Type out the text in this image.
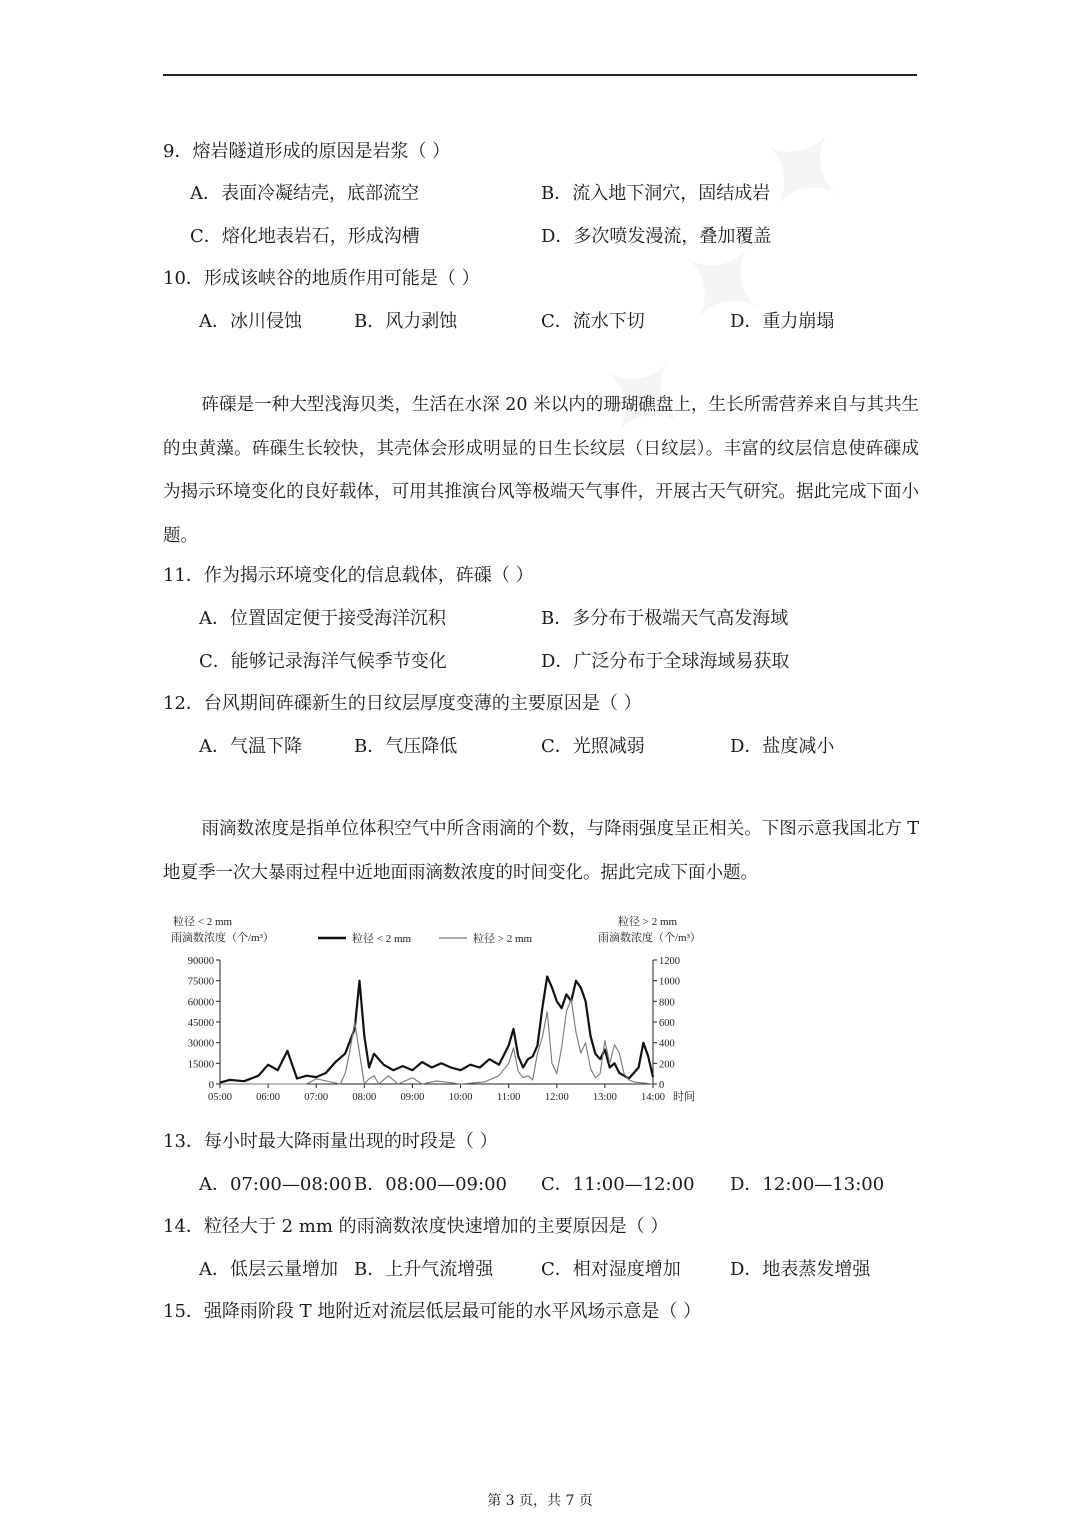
9．熔岩隧道形成的原因是岩浆（ ）
A．表面冷凝结壳，底部流空	B．流入地下洞穴，固结成岩
C．熔化地表岩石，形成沟槽	D．多次喷发漫流，叠加覆盖
10．形成该峡谷的地质作用可能是（ ）
A．冰川侵蚀	B．风力剥蚀	C．流水下切	D．重力崩塌
砗磲是一种大型浅海贝类，生活在水深 20 米以内的珊瑚礁盘上，生长所需营养来自与其共生的虫黄藻。砗磲生长较快，其壳体会形成明显的日生长纹层（日纹层）。丰富的纹层信息使砗磲成为揭示环境变化的良好载体，可用其推演台风等极端天气事件，开展古天气研究。据此完成下面小题。
11．作为揭示环境变化的信息载体，砗磲（ ）
A．位置固定便于接受海洋沉积	B．多分布于极端天气高发海域
C．能够记录海洋气候季节变化	D．广泛分布于全球海域易获取
12．台风期间砗磲新生的日纹层厚度变薄的主要原因是（ ）
A．气温下降	B．气压降低	C．光照减弱	D．盐度减小
雨滴数浓度是指单位体积空气中所含雨滴的个数，与降雨强度呈正相关。下图示意我国北方 T 地夏季一次大暴雨过程中近地面雨滴数浓度的时间变化。据此完成下面小题。
粒径 < 2 mm
雨滴数浓度（个/m³）
粒径 > 2 mm
雨滴数浓度（个/m³）
粒径 < 2 mm	粒径 > 2 mm
0
15000
30000
45000
60000
75000
90000
0
200
400
600
800
1000
1200
05:00 06:00 07:00 08:00 09:00 10:00 11:00 12:00 13:00 14:00 时间
13．每小时最大降雨量出现的时段是（ ）
A．07:00—08:00 B．08:00—09:00 C．11:00—12:00 D．12:00—13:00
14．粒径大于 2 mm 的雨滴数浓度快速增加的主要原因是（ ）
A．低层云量增加 B．上升气流增强	C．相对湿度增加	D．地表蒸发增强
15．强降雨阶段 T 地附近对流层低层最可能的水平风场示意是（ ）
第 3 页，共 7 页
